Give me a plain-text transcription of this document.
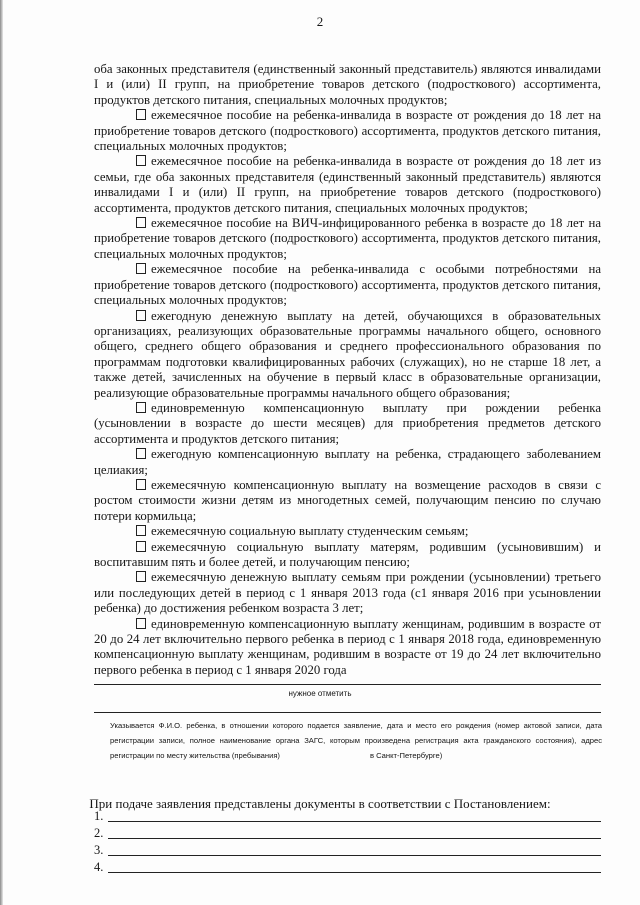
2

оба законных представителя (единственный законный представитель) являются инвалидами I и (или) II групп, на приобретение товаров детского (подросткового) ассортимента, продуктов детского питания, специальных молочных продуктов;

ежемесячное пособие на ребенка-инвалида в возрасте от рождения до 18 лет на приобретение товаров детского (подросткового) ассортимента, продуктов детского питания, специальных молочных продуктов;

ежемесячное пособие на ребенка-инвалида в возрасте от рождения до 18 лет из семьи, где оба законных представителя (единственный законный представитель) являются инвалидами I и (или) II групп, на приобретение товаров детского (подросткового) ассортимента, продуктов детского питания, специальных молочных продуктов;

ежемесячное пособие на ВИЧ-инфицированного ребенка в возрасте до 18 лет на приобретение товаров детского (подросткового) ассортимента, продуктов детского питания, специальных молочных продуктов;

ежемесячное пособие на ребенка-инвалида с особыми потребностями на приобретение товаров детского (подросткового) ассортимента, продуктов детского питания, специальных молочных продуктов;

ежегодную денежную выплату на детей, обучающихся в образовательных организациях, реализующих образовательные программы начального общего, основного общего, среднего общего образования и среднего профессионального образования по программам подготовки квалифицированных рабочих (служащих), но не старше 18 лет, а также детей, зачисленных на обучение в первый класс в образовательные организации, реализующие образовательные программы начального общего образования;

единовременную компенсационную выплату при рождении ребенка (усыновлении в возрасте до шести месяцев) для приобретения предметов детского ассортимента и продуктов детского питания;

ежегодную компенсационную выплату на ребенка, страдающего заболеванием целиакия;

ежемесячную компенсационную выплату на возмещение расходов в связи с ростом стоимости жизни детям из многодетных семей, получающим пенсию по случаю потери кормильца;

ежемесячную социальную выплату студенческим семьям;

ежемесячную социальную выплату матерям, родившим (усыновившим) и воспитавшим пять и более детей, и получающим пенсию;

ежемесячную денежную выплату семьям при рождении (усыновлении) третьего или последующих детей в период с 1 января 2013 года (с1 января 2016 при усыновлении ребенка) до достижения ребенком возраста 3 лет;

единовременную компенсационную выплату женщинам, родившим в возрасте от 20 до 24 лет включительно первого ребенка в период с 1 января 2018 года, единовременную компенсационную выплату женщинам, родившим в возрасте от 19 до 24 лет включительно первого ребенка в период с 1 января 2020 года

нужное отметить
Указывается Ф.И.О. ребенка, в отношении которого подается заявление, дата и место его рождения (номер актовой записи, дата регистрации записи, полное наименование органа ЗАГС, которым произведена регистрация акта гражданского состояния), адрес регистрации по месту жительства (пребывания)	в Санкт-Петербурге)
При подаче заявления представлены документы в соответствии с Постановлением:
1.
2.
3.
4.
